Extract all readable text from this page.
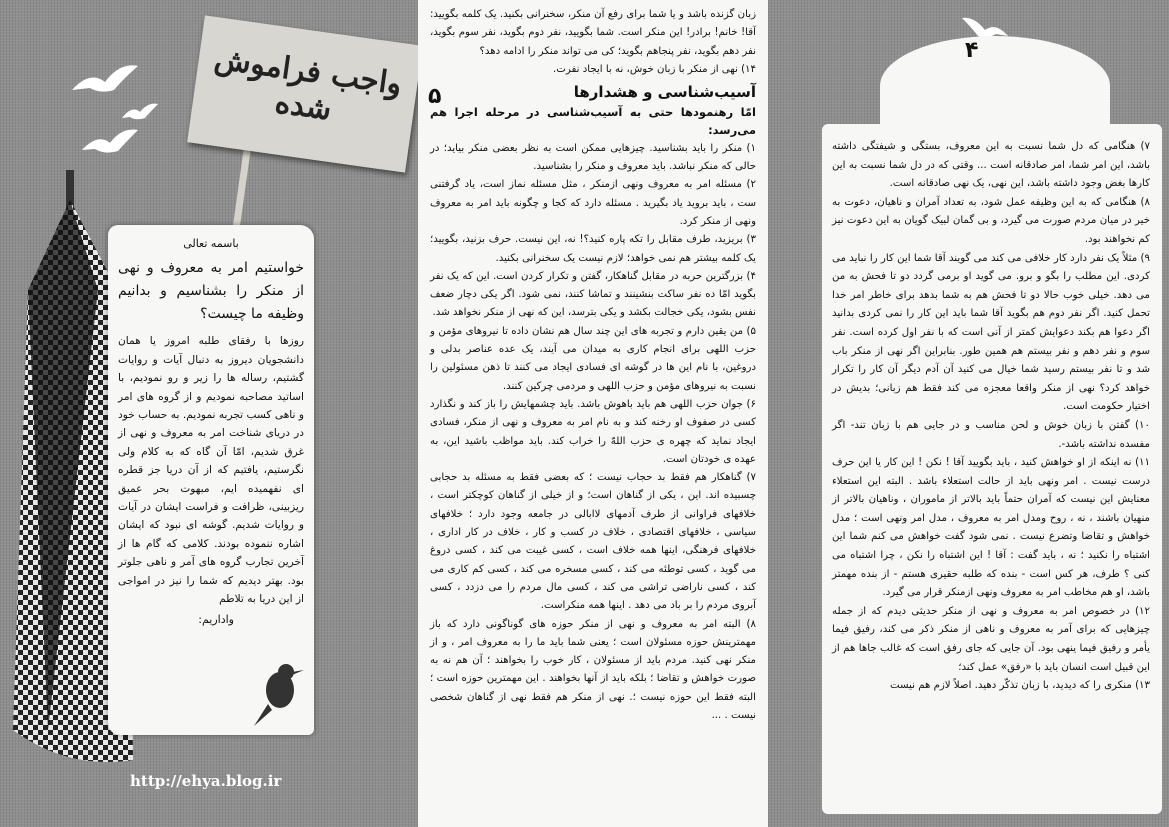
واجب فراموش شده
باسمه تعالی
خواستیم امر به معروف و نهی از منکر را بشناسیم و بدانیم وظیفه ما چیست؟

روزها با رفقای طلبه امروز یا همان دانشجویان دیروز به دنبال آیات و روایات گشتیم، رساله ها را زیر و رو نمودیم، با اساتید مصاحبه نمودیم و از گروه های امر و ناهی کسب تجربه نمودیم. به حساب خود در دریای شناخت امر به معروف و نهی از غرق شدیم، امّا آن گاه که به کلام ولی نگرستیم، یافتیم که از آن دریا جز قطره ای نفهمیده ایم، مبهوت بحر عمیق ریزبینی، ظرافت و فراست ایشان در آیات و روایات شدیم. گوشه ای نبود که ایشان اشاره ننموده بودند. کلامی که گام ها از آخرین تجارب گروه های آمر و ناهی جلوتر بود. بهتر دیدیم که شما را نیز در امواجی از این دریا به تلاطم

واداریم:
http://ehya.blog.ir
۵

زبان گزنده باشد و یا شما برای رفع آن منکر، سخنرانی بکنید. یک کلمه بگویید: آقا! خانم! برادر! این منکر است. شما بگویید، نفر دوم بگوید، نفر سوم بگوید، نفر دهم بگوید، نفر پنجاهم بگوید؛ کی می تواند منکر را ادامه دهد؟

۱۴) نهی از منکر با زبان خوش، نه با ایجاد نفرت.

آسیب‌شناسی و هشدارها
امّا رهنمودها حتی به آسیب‌شناسی در مرحله اجرا هم می‌رسد:

۱) منکر را باید بشناسید. چیزهایی ممکن است به نظر بعضی منکر بیاید؛ در حالی که منکر نباشد. باید معروف و منکر را بشناسید.

۲) مسئله امر به معروف ونهی ازمنکر ، مثل مسئله نماز است، یاد گرفتنی ست ، باید بروید یاد بگیرید . مسئله دارد که کجا و چگونه باید امر به معروف ونهی از منکر کرد.

۳) بریزید، طرف مقابل را تکه پاره کنید؟! نه، این نیست. حرف بزنید، بگویید؛ یک کلمه بیشتر هم نمی خواهد؛ لازم نیست یک سخنرانی بکنید.

۴) بزرگترین حربه در مقابل گناهکار، گفتن و تکرار کردن است. این که یک نفر بگوید امّا ده نفر ساکت بنشینند و تماشا کنند، نمی شود. اگر یکی دچار ضعف نفس بشود، یکی خجالت بکشد و یکی بترسد، این که نهی از منکر نخواهد شد.

۵) من یقین دارم و تجربه های این چند سال هم نشان داده تا نیروهای مؤمن و حزب اللهی برای انجام کاری به میدان می آیند، یک عده عناصر بدلی و دروغین، با نام این ها در گوشه ای فسادی ایجاد می کنند تا ذهن مسئولین را نسبت به نیروهای مؤمن و حزب اللهی و مردمی چرکین کنند.

۶) جوان حزب اللهی هم باید باهوش باشد. باید چشمهایش را باز کند و نگذارد کسی در صفوف او رخنه کند و به نام امر به معروف و نهی از منکر، فسادی ایجاد نماید که چهره ی حزب اللهّ را خراب کند. باید مواظب باشید این، به عهده ی خودتان است.

۷) گناهکار هم فقط بد حجاب نیست ؛ که بعضی فقط به مسئله بد حجابی چسبیده اند. این ، یکی از گناهان است؛ و از خیلی از گناهان کوچکتر است ، خلافهای فراوانی از طرف آدمهای لاابالی در جامعه وجود دارد ؛ خلافهای سیاسی ، خلافهای اقتصادی ، خلاف در کسب و کار ، خلاف در کار اداری ، خلافهای فرهنگی، اینها همه خلاف است ، کسی غیبت می کند ، کسی دروغ می گوید ، کسی توطئه می کند ، کسی مسخره می کند ، کسی کم کاری می کند ، کسی ناراضی تراشی می کند ، کسی مال مردم را می دزدد ، کسی آبروی مردم را بر باد می دهد . اینها همه منکراست.

۸) البته امر به معروف و نهی از منکر حوزه های گوناگونی دارد که باز مهمترینش حوزه مسئولان است ؛ یعنی شما باید ما را به معروف امر ، و از منکر نهی کنید. مردم باید از مسئولان ، کار خوب را بخواهند ؛ آن هم نه به صورت خواهش و تقاضا ؛ بلکه باید از آنها بخواهند . این مهمترین حوزه است ؛ البته فقط این حوزه نیست ؛. نهی از منکر هم فقط نهی از گناهان شخصی نیست . ...

۴

۷) هنگامی که دل شما نسبت به این معروف، بستگی و شیفتگی داشته باشد، این امر شما، امر صادقانه است ... وقتی که در دل شما نسبت به این کارها بغض وجود داشته باشد، این نهی، یک نهی صادقانه است.

۸) هنگامی که به این وظیفه عمل شود، به تعداد آمران و ناهیان، دعوت به خیر در میان مردم صورت می گیرد، و بی گمان لبیک گویان به این دعوت نیز کم نخواهند بود.

۹) مثلاً یک نفر دارد کار خلافی می کند می گویند آقا شما این کار را نباید می کردی. این مطلب را بگو و برو. می گوید او برمی گردد دو تا فحش به من می دهد. خیلی خوب حالا دو تا فحش هم به شما بدهد برای خاطر امر خدا تحمل کنید. اگر نفر دوم هم بگوید آقا شما باید این کار را نمی کردی بدانید اگر دعوا هم بکند دعوایش کمتر از آنی است که با نفر اول کرده است. نفر سوم و نفر دهم و نفر بیستم هم همین طور. بنابراین اگر نهی از منکر باب شد و تا نفر بیستم رسید شما خیال می کنید آن آدم دیگر آن کار را تکرار خواهد کرد؟ نهی از منکر واقعا معجزه می کند فقط هم زبانی؛ بدیش در اختیار حکومت است.

۱۰) گفتن با زبان خوش و لحن مناسب و در جایی هم با زبان تند- اگر مفسده نداشته باشد-.

۱۱) نه اینکه از او خواهش کنید ، باید بگویید آقا ! نکن ! این کار یا این حرف درست نیست . امر ونهی باید از حالت استعلاء باشد . البته این استعلاء معنایش این نیست که آمران حتماً باید بالاتر از ماموران ، وناهیان بالاتر از منهیان باشند ، نه ، روح ومدل امر به معروف ، مدل امر ونهی است ؛ مدل خواهش و تقاضا وتضرع نیست . نمی شود گفت خواهش می کنم شما این اشتباه را نکنید ؛ نه ، باید گفت : آقا ! این اشتباه را نکن ، چرا اشتباه می کنی ؟ طرف، هر کس است - بنده که طلبه حقیری هستم - از بنده مهمتر باشد، او هم مخاطب امر به معروف ونهی ازمنکر قرار می گیرد.

۱۲) در خصوص امر به معروف و نهی از منکر حدیثی دیدم که از جمله چیزهایی که برای آمر به معروف و ناهی از منکر ذکر می کند، رفیق فیما یأمر و رفیق فیما ینهی بود. آن جایی که جای رفق است که غالب جاها هم از این قبیل است انسان باید با «رفق» عمل کند؛

۱۳) منکری را که دیدید، با زبان تذکّر دهید. اصلاً لازم هم نیست
